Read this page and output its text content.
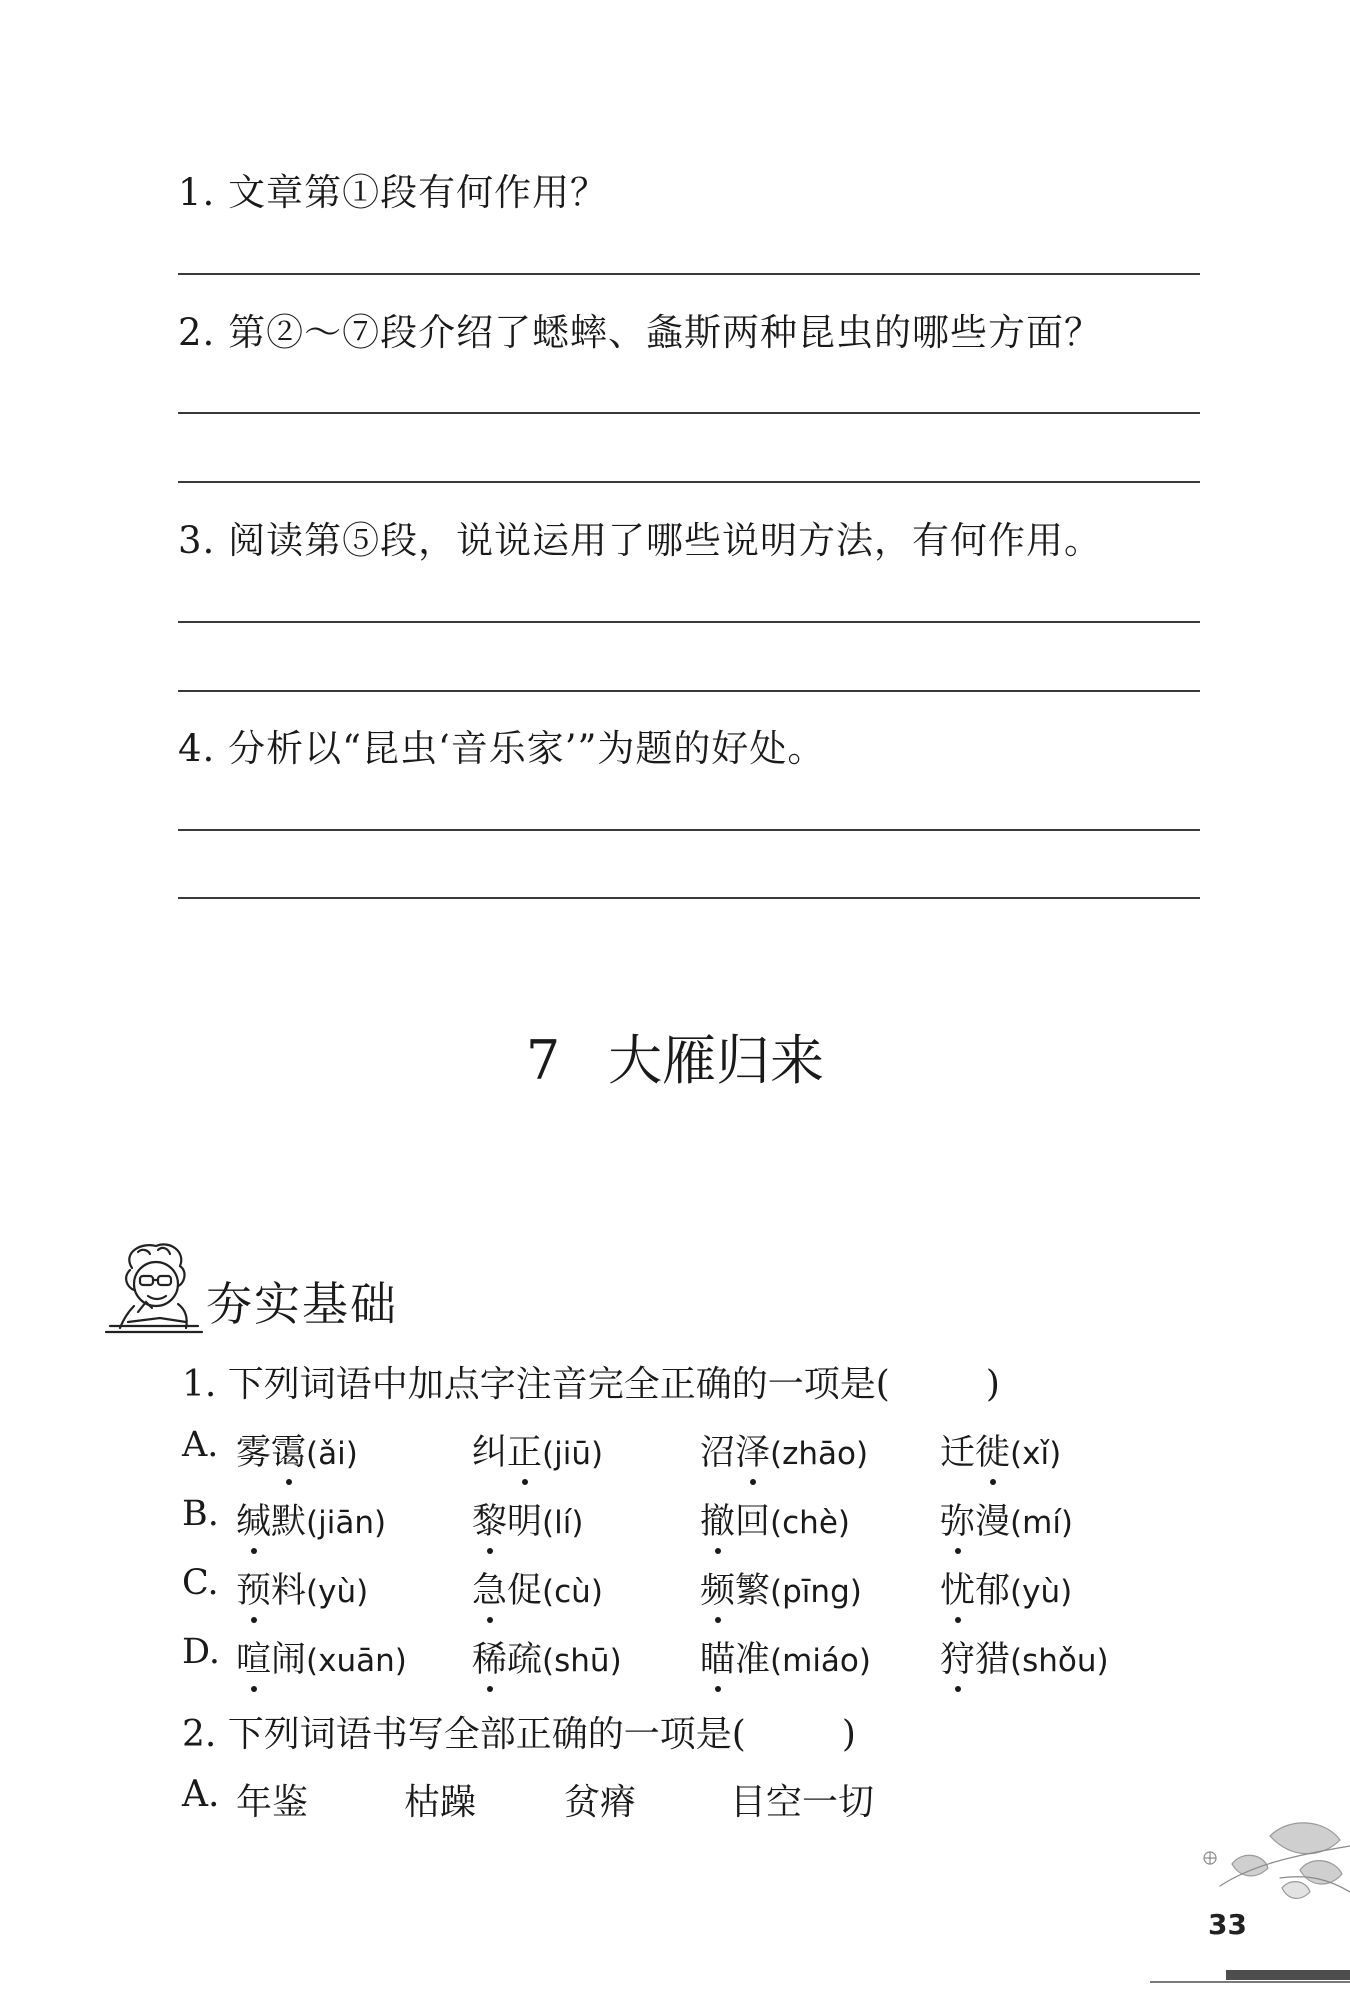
1. 文章第①段有何作用？
2. 第②～⑦段介绍了蟋蟀、螽斯两种昆虫的哪些方面？
3. 阅读第⑤段，说说运用了哪些说明方法，有何作用。
4. 分析以“昆虫‘音乐家’”为题的好处。
7 大雁归来
夯实基础
1. 下列词语中加点字注音完全正确的一项是(	)
A. 雾霭(ǎi)	纠正(jiū)	沼泽(zhāo) 迁徙(xǐ)
B. 缄默(jiān) 黎明(lí)	撤回(chè)	弥漫(mí)
C. 预料(yù)	急促(cù)	频繁(pīng) 忧郁(yù)
D. 喧闹(xuān) 稀疏(shū) 瞄准(miáo) 狩猎(shǒu)
2. 下列词语书写全部正确的一项是(	)
A. 年鉴	枯躁 贫瘠	目空一切
33
